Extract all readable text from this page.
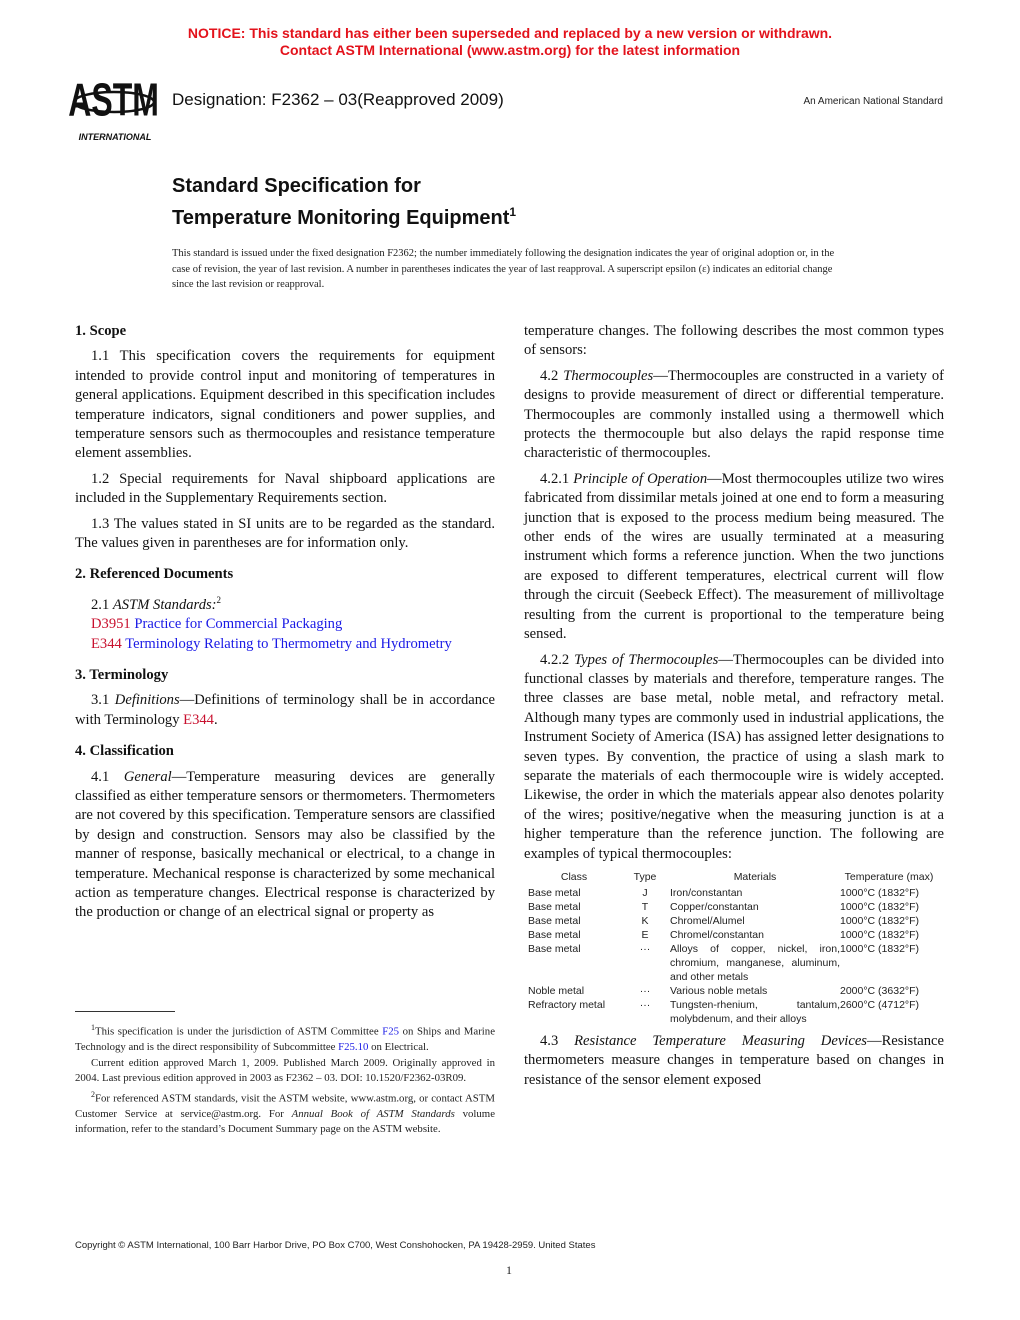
NOTICE: This standard has either been superseded and replaced by a new version or withdrawn.
Contact ASTM International (www.astm.org) for the latest information
ASTM
INTERNATIONAL
Designation: F2362 – 03(Reapproved 2009)	An American National Standard
Standard Specification for
Temperature Monitoring Equipment$^1$
This standard is issued under the fixed designation F2362; the number immediately following the designation indicates the year of original adoption or, in the case of revision, the year of last revision. A number in parentheses indicates the year of last reapproval. A superscript epsilon (ε) indicates an editorial change since the last revision or reapproval.
1. Scope

1.1 This specification covers the requirements for equipment intended to provide control input and monitoring of temperatures in general applications. Equipment described in this specification includes temperature indicators, signal conditioners and power supplies, and temperature sensors such as thermocouples and resistance temperature element assemblies.

1.2 Special requirements for Naval shipboard applications are included in the Supplementary Requirements section.

1.3 The values stated in SI units are to be regarded as the standard. The values given in parentheses are for information only.

2. Referenced Documents

2.1 ASTM Standards:$^2$

D3951 Practice for Commercial Packaging
E344 Terminology Relating to Thermometry and Hydrometry
3. Terminology

3.1 Definitions—Definitions of terminology shall be in accordance with Terminology E344.

4. Classification

4.1 General—Temperature measuring devices are generally classified as either temperature sensors or thermometers. Thermometers are not covered by this specification. Temperature sensors are classified by design and construction. Sensors may also be classified by the manner of response, basically mechanical or electrical, to a change in temperature. Mechanical response is characterized by some mechanical action as temperature changes. Electrical response is characterized by the production or change of an electrical signal or property as

temperature changes. The following describes the most common types of sensors:

4.2 Thermocouples—Thermocouples are constructed in a variety of designs to provide measurement of direct or differential temperature. Thermocouples are commonly installed using a thermowell which protects the thermocouple but also delays the rapid response time characteristic of thermocouples.

4.2.1 Principle of Operation—Most thermocouples utilize two wires fabricated from dissimilar metals joined at one end to form a measuring junction that is exposed to the process medium being measured. The other ends of the wires are usually terminated at a measuring instrument which forms a reference junction. When the two junctions are exposed to different temperatures, electrical current will flow through the circuit (Seebeck Effect). The measurement of millivoltage resulting from the current is proportional to the temperature being sensed.

4.2.2 Types of Thermocouples—Thermocouples can be divided into functional classes by materials and therefore, temperature ranges. The three classes are base metal, noble metal, and refractory metal. Although many types are commonly used in industrial applications, the Instrument Society of America (ISA) has assigned letter designations to seven types. By convention, the practice of using a slash mark to separate the materials of each thermocouple wire is widely accepted. Likewise, the order in which the materials appear also denotes polarity of the wires; positive/negative when the measuring junction is at a higher temperature than the reference junction. The following are examples of typical thermocouples:

Class	Type	Materials	Temperature (max)
Base metal	J	Iron/constantan	1000°C (1832°F)
Base metal	T	Copper/constantan	1000°C (1832°F)
Base metal	K	Chromel/Alumel	1000°C (1832°F)
Base metal	E	Chromel/constantan	1000°C (1832°F)
Base metal	···	Alloys of copper, nickel, iron, chromium, manganese, aluminum, and other metals	1000°C (1832°F)
Noble metal	···	Various noble metals	2000°C (3632°F)
Refractory metal	···	Tungsten-rhenium, tantalum, molybdenum, and their alloys	2600°C (4712°F)

4.3 Resistance Temperature Measuring Devices—Resistance thermometers measure changes in temperature based on changes in resistance of the sensor element exposed

$^1$This specification is under the jurisdiction of ASTM Committee F25 on Ships and Marine Technology and is the direct responsibility of Subcommittee F25.10 on Electrical.

Current edition approved March 1, 2009. Published March 2009. Originally approved in 2004. Last previous edition approved in 2003 as F2362 – 03. DOI: 10.1520/F2362-03R09.

$^2$For referenced ASTM standards, visit the ASTM website, www.astm.org, or contact ASTM Customer Service at service@astm.org. For Annual Book of ASTM Standards volume information, refer to the standard’s Document Summary page on the ASTM website.

Copyright © ASTM International, 100 Barr Harbor Drive, PO Box C700, West Conshohocken, PA 19428-2959. United States
1
